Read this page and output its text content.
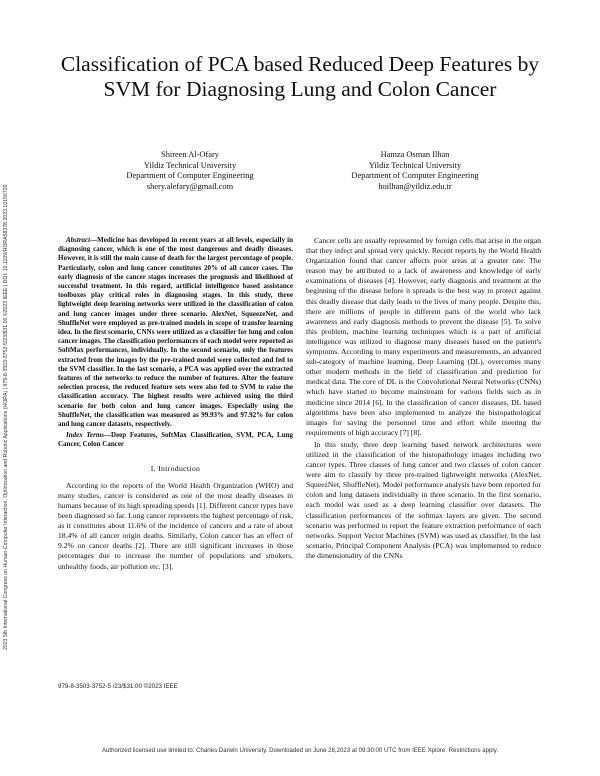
2023 5th International Congress on Human-Computer Interaction, Optimization and Robotic Applications (HORA) | 979-8-3503-3752-5/23/$31.00 ©2023 IEEE | DOI: 10.1109/HORA58378.2023.10156720
Classification of PCA based Reduced Deep Features by SVM for Diagnosing Lung and Colon Cancer
Shireen Al-Ofary
Yildiz Technical University
Department of Computer Engineering
shery.alefary@gmail.com
Hamza Osman Ilhan
Yildiz Technical University
Department of Computer Engineering
hoilhan@yildiz.edu.tr

Abstract—Medicine has developed in recent years at all levels, especially in diagnosing cancer, which is one of the most dangerous and deadly diseases. However, it is still the main cause of death for the largest percentage of people. Particularly, colon and lung cancer constitutes 20% of all cancer cases. The early diagnosis of the cancer stages increases the prognosis and likelihood of successful treatment. In this regard, artificial intelligence based assistance toolboxes play critical roles in diagnosing stages. In this study, three lightweight deep learning networks were utilized in the classification of colon and lung cancer images under three scenario. AlexNet, SqueezeNet, and ShuffleNet were employed as pre-trained models in scope of transfer learning idea. In the first scenario, CNNs were utilized as a classifier for lung and colon cancer images. The classification performances of each model were reported as SoftMax performances, individually. In the second scenario, only the features extracted from the images by the pre-trained model were collected and fed to the SVM classifier. In the last scenario, a PCA was applied over the extracted features of the networks to reduce the number of features. After the feature selection process, the reduced feature sets were also fed to SVM to raise the classification accuracy. The highest results were achieved using the third scenario for both colon and lung cancer images. Especially using the ShuffleNet, the classification was measured as 99.93% and 97.92% for colon and lung cancer datasets, respectively.

Index Terms—Deep Features, SoftMax Classification, SVM, PCA, Lung Cancer, Colon Cancer

I. Introduction

According to the reports of the World Health Organization (WHO) and many studies, cancer is considered as one of the most deadly diseases in humans because of its high spreading speeds [1]. Different cancer types have been diagnosed so far. Lung cancer represents the highest percentage of risk, as it constitutes about 11.6% of the incidence of cancers and a rate of about 18.4% of all cancer origin deaths. Similarly, Colon cancer has an effect of 9.2% on cancer deaths [2]. There are still significant increases in those percentages due to increase the number of populations and smokers, unhealthy foods, air pollution etc. [3].

Cancer cells are usually represented by foreign cells that arise in the organ that they infect and spread very quickly. Recent reports by the World Health Organization found that cancer affects poor areas at a greater rate. The reason may be attributed to a lack of awareness and knowledge of early examinations of diseases [4]. However, early diagnosis and treatment at the beginning of the disease before it spreads is the best way to protect against this deadly disease that daily leads to the lives of many people. Despite this, there are millions of people in different parts of the world who lack awareness and early diagnosis methods to prevent the disease [5]. To solve this problem, machine learning techniques which is a part of artificial intelligence was utilized to diagnose many diseases based on the patient's symptoms. According to many experiments and measurements, an advanced sub-category of machine learning, Deep Learning (DL), overcomes many other modern methods in the field of classification and prediction for medical data. The core of DL is the Convolutional Neural Networks (CNNs) which have started to become mainstream for various fields such as in medicine since 2014 [6]. In the classification of cancer diseases, DL based algorithms have been also implemented to analyze the histopathological images for saving the personnel time and effort while meeting the requirements of high accuracy [7] [8].

In this study, three deep learning based network architectures were utilized in the classification of the histopathology images including two cancer types. Three classes of lung cancer and two classes of colon cancer were aim to classify by three pre-trained lightweight networks (AlexNet, SqueezNet, ShuffleNet). Model performance analysis have been reported for colon and lung datasets individually in three scenario. In the first scenario, each model was used as a deep learning classifier over datasets. The classification performances of the softmax layers are given. The second scenario was performed to report the feature extraction performance of each networks. Support Vector Machines (SVM) was used as classifier. In the last scenario, Principal Component Analysis (PCA) was implemented to reduce the dimensionality of the CNNs

979-8-3503-3752-5 /23/$31.00 ©2023 IEEE
Authorized licensed use limited to: Charles Darwin University. Downloaded on June 28,2023 at 09:30:00 UTC from IEEE Xplore. Restrictions apply.
